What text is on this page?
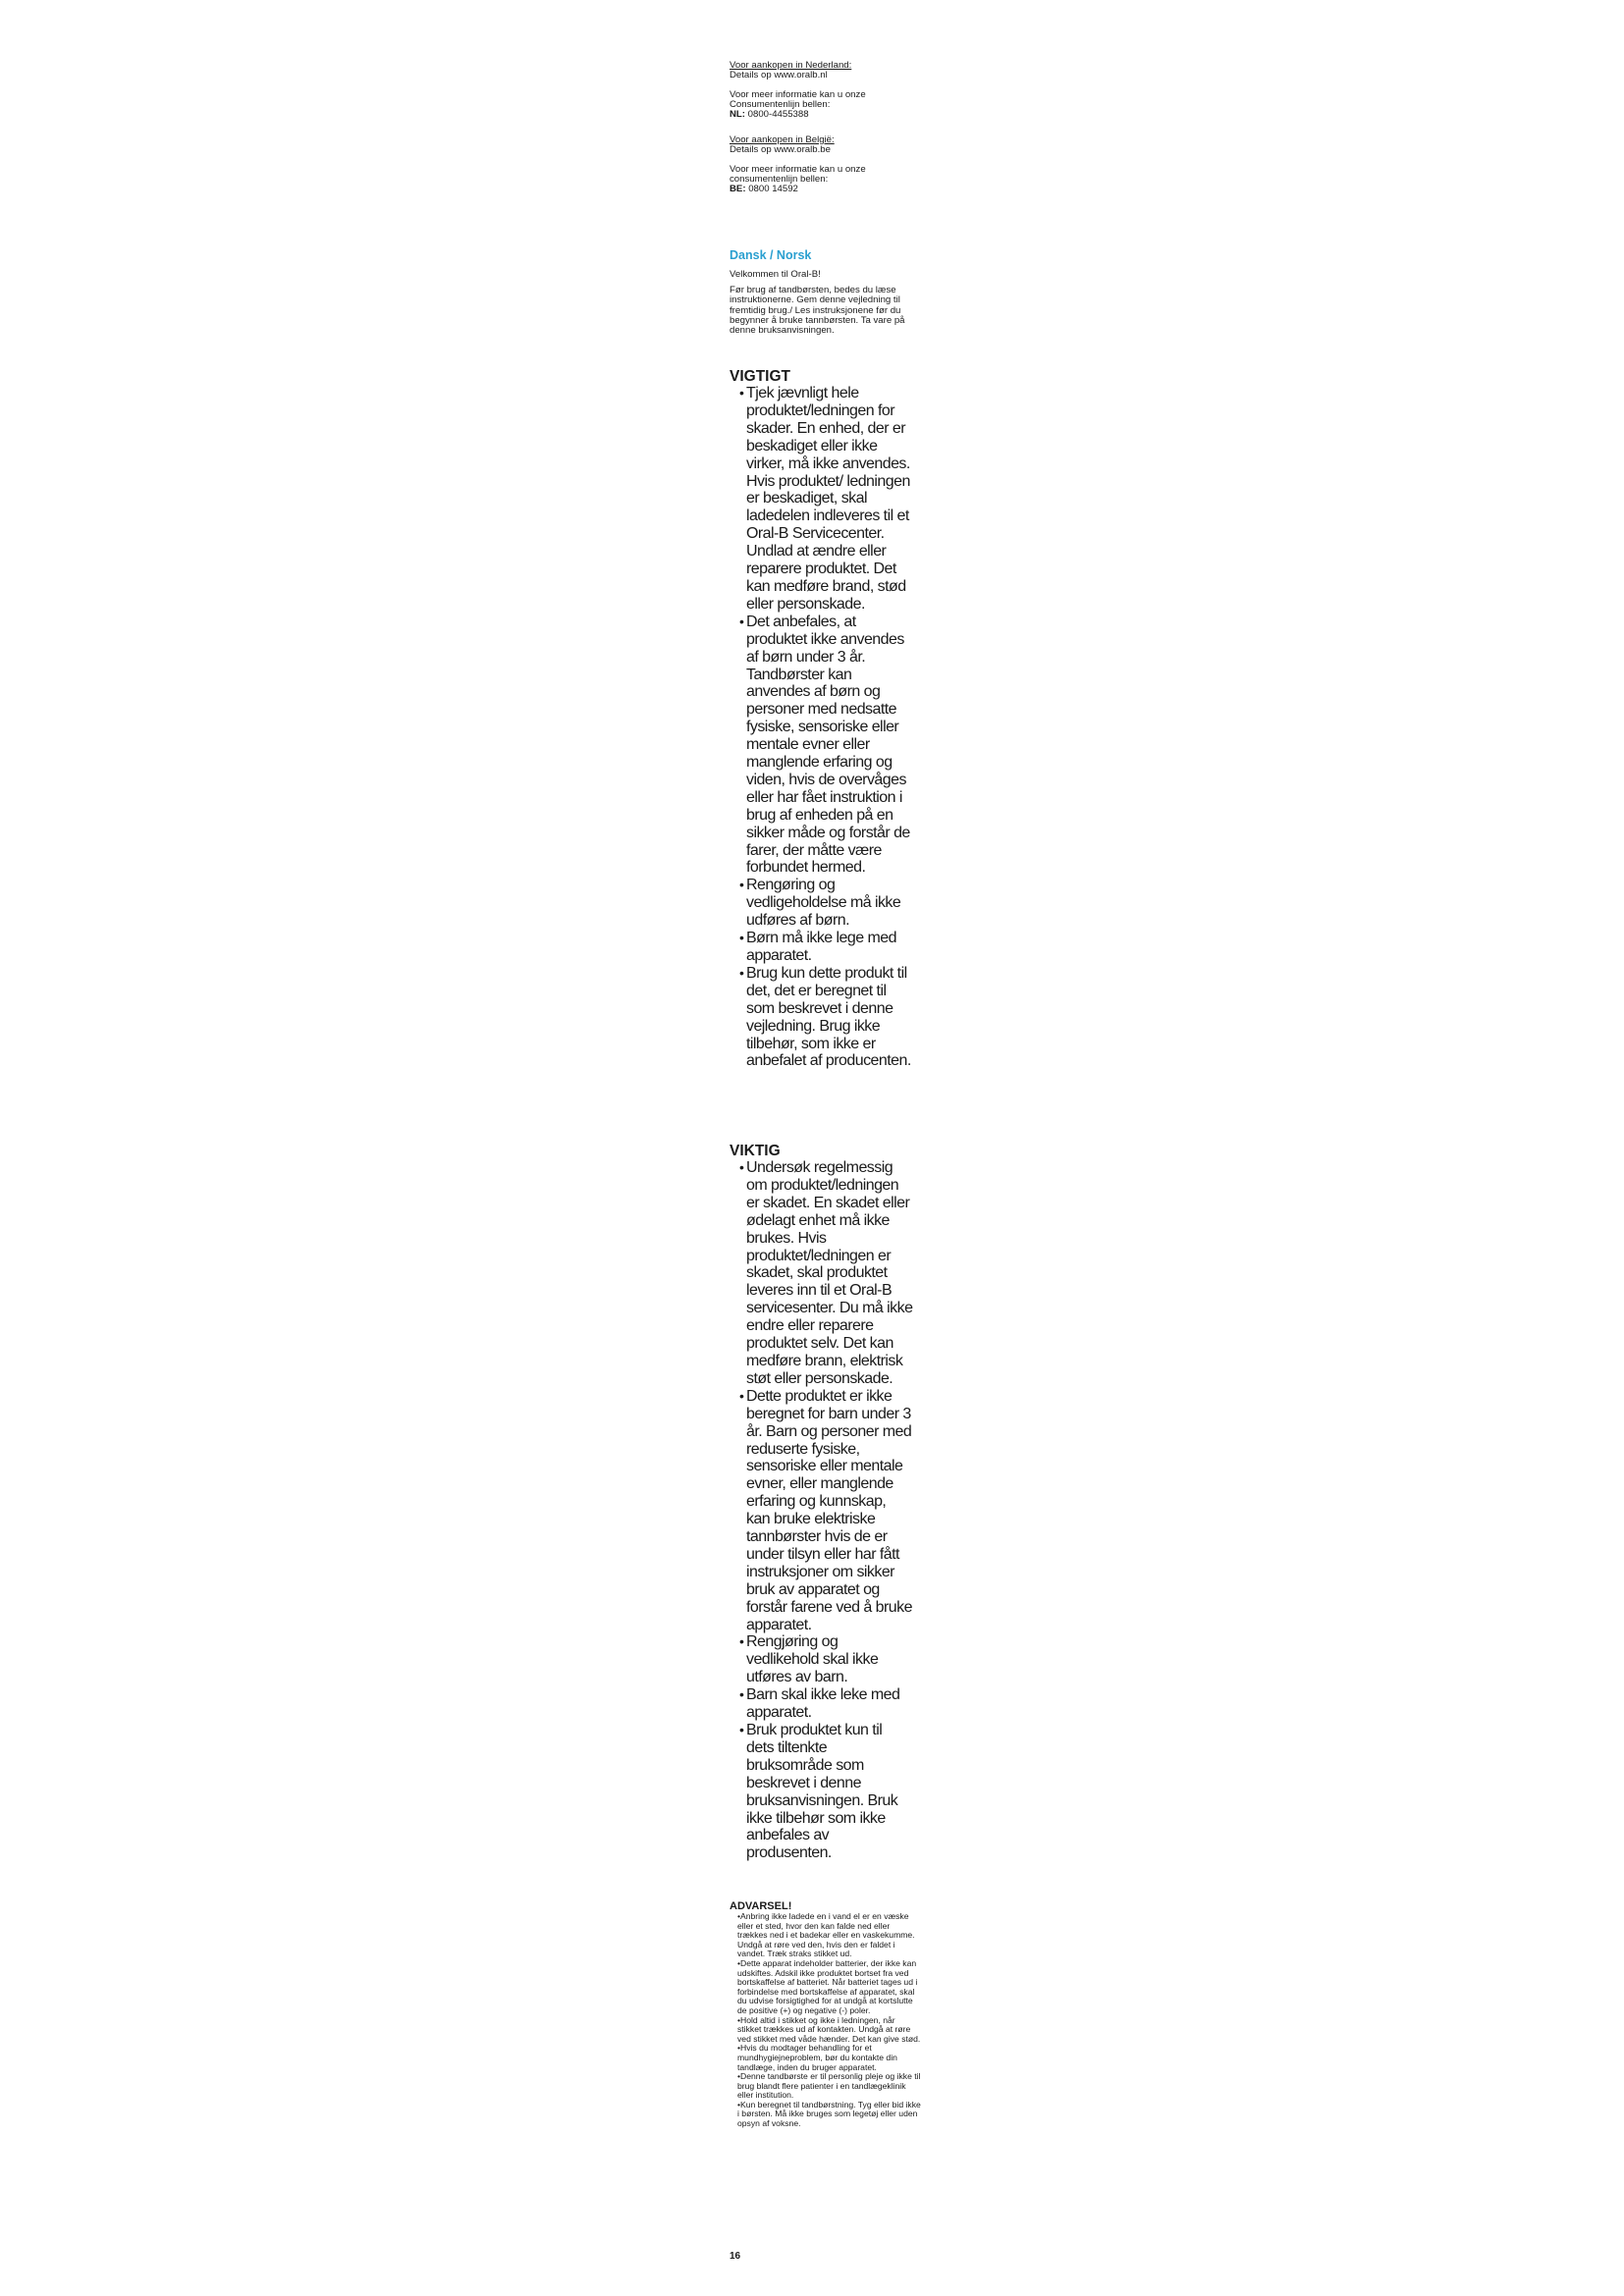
Voor aankopen in Nederland:

Details op www.oralb.nl

Voor meer informatie kan u onze

Consumentenlijn bellen:

NL: 0800-4455388

Voor aankopen in België:

Details op www.oralb.be

Voor meer informatie kan u onze

consumentenlijn bellen:

BE: 0800 14592

Dansk / Norsk

Velkommen til Oral-B!

Før brug af tandbørsten, bedes du læse instruktionerne. Gem denne vejledning til fremtidig brug./ Les instruksjonene før du begynner å bruke tannbørsten. Ta vare på denne bruksanvisningen.

VIGTIGT

• Tjek jævnligt hele produktet/ledningen for skader. En enhed, der er beskadiget eller ikke virker, må ikke anvendes. Hvis produktet/ ledningen er beskadiget, skal ladedelen indleveres til et Oral-B Servicecenter. Undlad at ændre eller reparere produktet. Det kan medføre brand, stød eller personskade.
• Det anbefales, at produktet ikke anvendes af børn under 3 år. Tandbørster kan anvendes af børn og personer med nedsatte fysiske, sensoriske eller mentale evner eller manglende erfaring og viden, hvis de overvåges eller har fået instruktion i brug af enheden på en sikker måde og forstår de farer, der måtte være forbundet hermed.
• Rengøring og vedligeholdelse må ikke udføres af børn.
• Børn må ikke lege med apparatet.
• Brug kun dette produkt til det, det er beregnet til som beskrevet i denne vejledning. Brug ikke tilbehør, som ikke er anbefalet af producenten.

VIKTIG

• Undersøk regelmessig om produktet/ledningen er skadet. En skadet eller ødelagt enhet må ikke brukes. Hvis produktet/ledningen er skadet, skal produktet leveres inn til et Oral-B servicesenter. Du må ikke endre eller reparere produktet selv. Det kan medføre brann, elektrisk støt eller personskade.
• Dette produktet er ikke beregnet for barn under 3 år. Barn og personer med reduserte fysiske, sensoriske eller mentale evner, eller manglende erfaring og kunnskap, kan bruke elektriske tannbørster hvis de er under tilsyn eller har fått instruksjoner om sikker bruk av apparatet og forstår farene ved å bruke apparatet.
• Rengjøring og vedlikehold skal ikke utføres av barn.
• Barn skal ikke leke med apparatet.
• Bruk produktet kun til dets tiltenkte bruksområde som beskrevet i denne bruksanvisningen. Bruk ikke tilbehør som ikke anbefales av produsenten.

ADVARSEL!

•Anbring ikke ladede en i vand el er en væske eller et sted, hvor den kan falde ned eller trækkes ned i et badekar eller en vaskekumme. Undgå at røre ved den, hvis den er faldet i vandet. Træk straks stikket ud.
•Dette apparat indeholder batterier, der ikke kan udskiftes. Adskil ikke produktet bortset fra ved bortskaffelse af batteriet. Når batteriet tages ud i forbindelse med bortskaffelse af apparatet, skal du udvise forsigtighed for at undgå at kortslutte de positive (+) og negative (-) poler.
•Hold altid i stikket og ikke i ledningen, når stikket trækkes ud af kontakten. Undgå at røre ved stikket med våde hænder. Det kan give stød.
•Hvis du modtager behandling for et mundhygiejneproblem, bør du kontakte din tandlæge, inden du bruger apparatet.
•Denne tandbørste er til personlig pleje og ikke til brug blandt flere patienter i en tandlægeklinik eller institution.
•Kun beregnet til tandbørstning. Tyg eller bid ikke i børsten. Må ikke bruges som legetøj eller uden opsyn af voksne.

16
